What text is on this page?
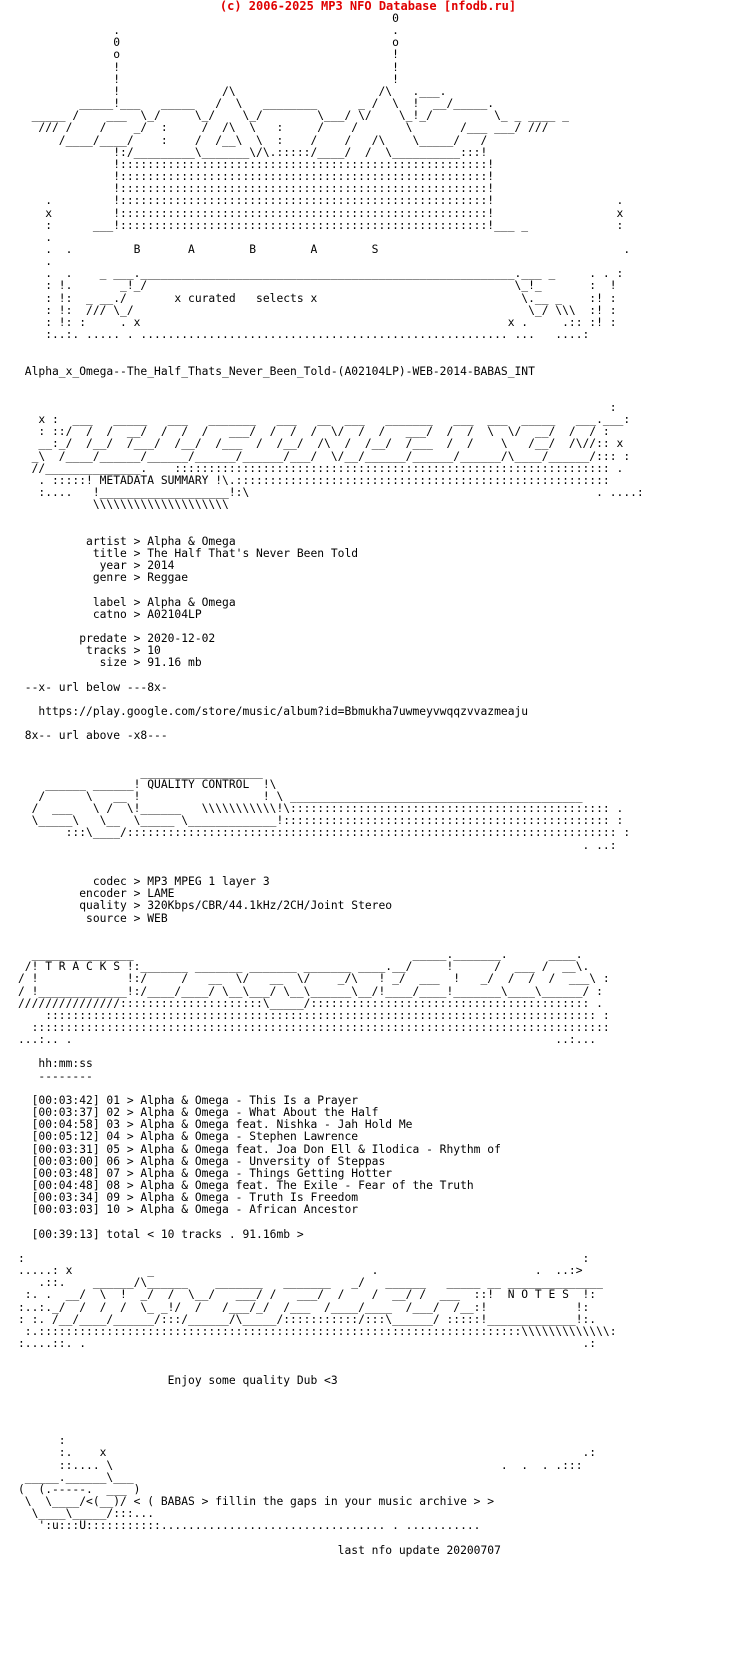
(c) 2006-2025 MP3 NFO Database [nfodb.ru]
0
.                                        .
0                                        o
o                                        !
!                                        !
!                                        !
!               /\                     /\   .___.
_____!___   _____   /  \   ________      _ /  \  !  __/_____.
_____ /    ___  \_/     \_/    \_/        \___/ \/    \_!_/         \_ _ ____ _
/// /    /    _/  :     /  /\  \   :     /    /       \       /___ ___/ ///
/____/____/    :    /  /__\  \  :    /    /   /\    \_____/   /
!:/_________\_______\/\.:::::/____/  /  \__________:::!
!::::::::::::::::::::::::::::::::::::::::::::::::::::::!
!::::::::::::::::::::::::::::::::::::::::::::::::::::::!
!::::::::::::::::::::::::::::::::::::::::::::::::::::::!
.         !::::::::::::::::::::::::::::::::::::::::::::::::::::::!                  .
x         !::::::::::::::::::::::::::::::::::::::::::::::::::::::!                  x
:      ___!::::::::::::::::::::::::::::::::::::::::::::::::::::::!___ _             :
.
.  .         B       A        B        A        S                                    .
.
.  .    _ ___._______________________________________________________.___ _     . . :
: !.       _!_/                                                      \_!_       :  !
: !:  _ __./       x curated   selects x                              \.__ _    :! :
: !:  /// \_/                                                          \_/ \\\  :! :
: !: :     . x                                                      x .     .:: :! :
:..:. ..... . ...................................................... ...   ....:

Alpha_x_Omega--The_Half_Thats_Never_Been_Told-(A02104LP)-WEB-2014-BABAS_INT

:
x :  ___   _____   ___   _______   ___   __  ___   _______   ___  ___  _____   ___.___:
: ::/  /  /  __/  /  /  /   ___/  /  /  /  \/  /  /   ___/  /  /  \  \/  __/  /  / :
__:_/  /__/  /___/  /__/  /___  /  /__/  /\  /  /__/  /___  /  /    \   /__/  /\//:: x
_\  /____/______/______/______/______/___/  \/__/______/______/______/\____/______/::: :
//______________.    :::::::::::::::::::::::::::::::::::::::::::::::::::::::::::::::: .
. :::::! METADATA SUMMARY !\.:::::::::::::::::::::::::::::::::::::::::::::::::::::::
:....   !___________________!:\                                                   . ....:
\\\\\\\\\\\\\\\\\\\\

artist > Alpha & Omega
title > The Half That's Never Been Told
year > 2014
genre > Reggae

label > Alpha & Omega
catno > A02104LP

predate > 2020-12-02
tracks > 10
size > 91.16 mb

--x- url below ---8x-

https://play.google.com/store/music/album?id=Bbmukha7uwmeyvwqqzvvazmeaju

8x-- url above -x8---

__________________
______ ______! QUALITY CONTROL  !\
/      \   __ !                  ! \ ___________________________________________
/  ___   \ /  \!______   \\\\\\\\\\\!\::::::::::::::::::::::::::::::::::::::::::::::: .
\_____\   \__  \_____ \_____________!:::::::::::::::::::::::::::::::::::::::::::::::: :
:::\____/:::::::::::::::::::::::::::::::::::::::::::::::::::::::::::::::::::::::: :
. ..:

codec > MP3 MPEG 1 layer 3
encoder > LAME
quality > 320Kbps/CBR/44.1kHz/2CH/Joint Stereo
source > WEB

_______________                                         _____._______.      ____.
/! T R A C K S !:_______ _______ _______ _______ ____.__/     !      /  ___ /  __\.
/ !             !:/     /   __  \/   __  \/    _/\   ! _/  ___  !   _/  /  /  /  ___\ :
/ !_____________!:/____/____/ \__\___/ \__\______\__/!____/____!_______\____\______/ :
///////////////:::::::::::::::::::::\_____/::::::::::::::::::::::::::::::::::::::::: .
::::::::::::::::::::::::::::::::::::::::::::::::::::::::::::::::::::::::::::::::: :
:::::::::::::::::::::::::::::::::::::::::::::::::::::::::::::::::::::::::::::::::::::
...:.. .                                                                       ..:...

hh:mm:ss
--------

[00:03:42] 01 > Alpha & Omega - This Is a Prayer
[00:03:37] 02 > Alpha & Omega - What About the Half
[00:04:58] 03 > Alpha & Omega feat. Nishka - Jah Hold Me
[00:05:12] 04 > Alpha & Omega - Stephen Lawrence
[00:03:31] 05 > Alpha & Omega feat. Joa Don Ell & Ilodica - Rhythm of
[00:03:00] 06 > Alpha & Omega - Unversity of Steppas
[00:03:48] 07 > Alpha & Omega - Things Getting Hotter
[00:04:48] 08 > Alpha & Omega feat. The Exile - Fear of the Truth
[00:03:34] 09 > Alpha & Omega - Truth Is Freedom
[00:03:03] 10 > Alpha & Omega - African Ancestor

[00:39:13] total < 10 tracks . 91.16mb >

:                                                                                  :
.....: x           _                                .                       .  ..:>
.::.    ______/\______    _______   _______   _/   ______   _____ __ ______________
:. .  __/  \  !  _/  /  \__/   ___/ /   ___/  /    /  __/ /  ___  ::!  N O T E S  !:
:..:._/  /  /  /  \_ _!/  /   /___/_/  /___  /____/____  /___/  /__:!             !:
: :. /__/____/______/:::/______/\_____/:::::::::::/:::\______/ :::::!_____________!:.
:.:::::::::::::::::::::::::::::::::::::::::::::::::::::::::::::::::::::::\\\\\\\\\\\\\:
:....::. .                                                                         .:

Enjoy some quality Dub <3

:
:.    x                                                                      .:
::.... \                                                         .  .  . .:::
_____.______\___
(  (.-----.  ___ )
\  \____/<(__)/ < ( BABAS > fillin the gaps in your music archive > >
\____\_____/:::...
':u:::U:::::::::::................................. . ...........

last nfo update 20200707
